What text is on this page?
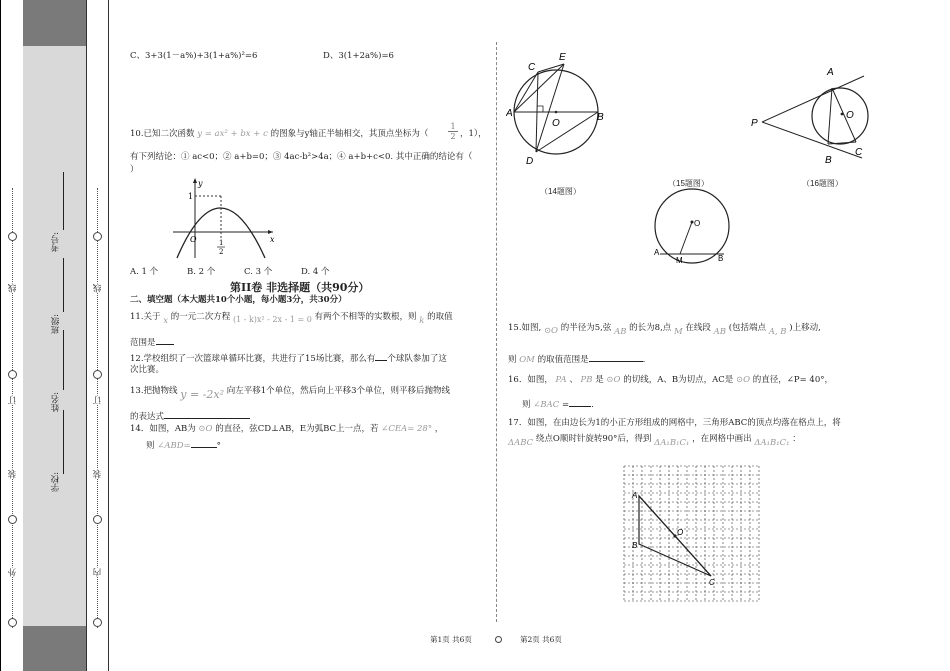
外
装
订
线
内
装
订
线
学校:
姓名:
班级:
考号:
C、3+3(1－a%)+3(1+a%)²=6	D、3(1+2a%)=6
10.已知二次函数 y = ax² + bx + c 的图象与y轴正半轴相交，其顶点坐标为（ $\frac{1}{2}$ ，1），
有下列结论：① ac<0；② a+b=0；③ 4ac-b²>4a；④ a+b+c<0. 其中正确的结论有（
）
y
x
1
O	1
2
A. 1 个	B. 2 个	C. 3 个	D. 4 个
第II卷 非选择题（共90分）
二、填空题（本大题共10个小题，每小题3分，共30分）
11.关于 x 的一元二次方程 (1 - k)x² - 2x - 1 = 0 有两个不相等的实数根，则 k 的取值
范围是
12.学校组织了一次篮球单循环比赛，共进行了15场比赛，那么有 个球队参加了这
次比赛。
13.把抛物线 y = -2x² 向左平移1个单位，然后向上平移3个单位，则平移后抛物线
的表达式
14．如图，AB为 ⊙O 的直径，弦CD⊥AB，E为弧BC上一点，若 ∠CEA= 28° ，
则 ∠ABD=	°
A	B
C
D
E
O
（14题图）
P
A
B
C
O
（16题图）
（15题图）
O
A
M	B
15.如图, ⊙O 的半径为5,弦 AB 的长为8,点 M 在线段 AB (包括端点 A, B )上移动,
则 OM 的取值范围是	.
16．如图， PA 、 PB 是 ⊙O 的切线，A、B为切点，AC是 ⊙O 的直径，∠P= 40°，
则 ∠BAC =	.
17．如图，在由边长为1的小正方形组成的网格中，三角形ABC的顶点均落在格点上，将
ΔABC 绕点O顺时针旋转90°后，得到 ΔA₁B₁C₁ ，在网格中画出 ΔA₁B₁C₁ ：
A
B
C
O
第1页 共6页	第2页 共6页
